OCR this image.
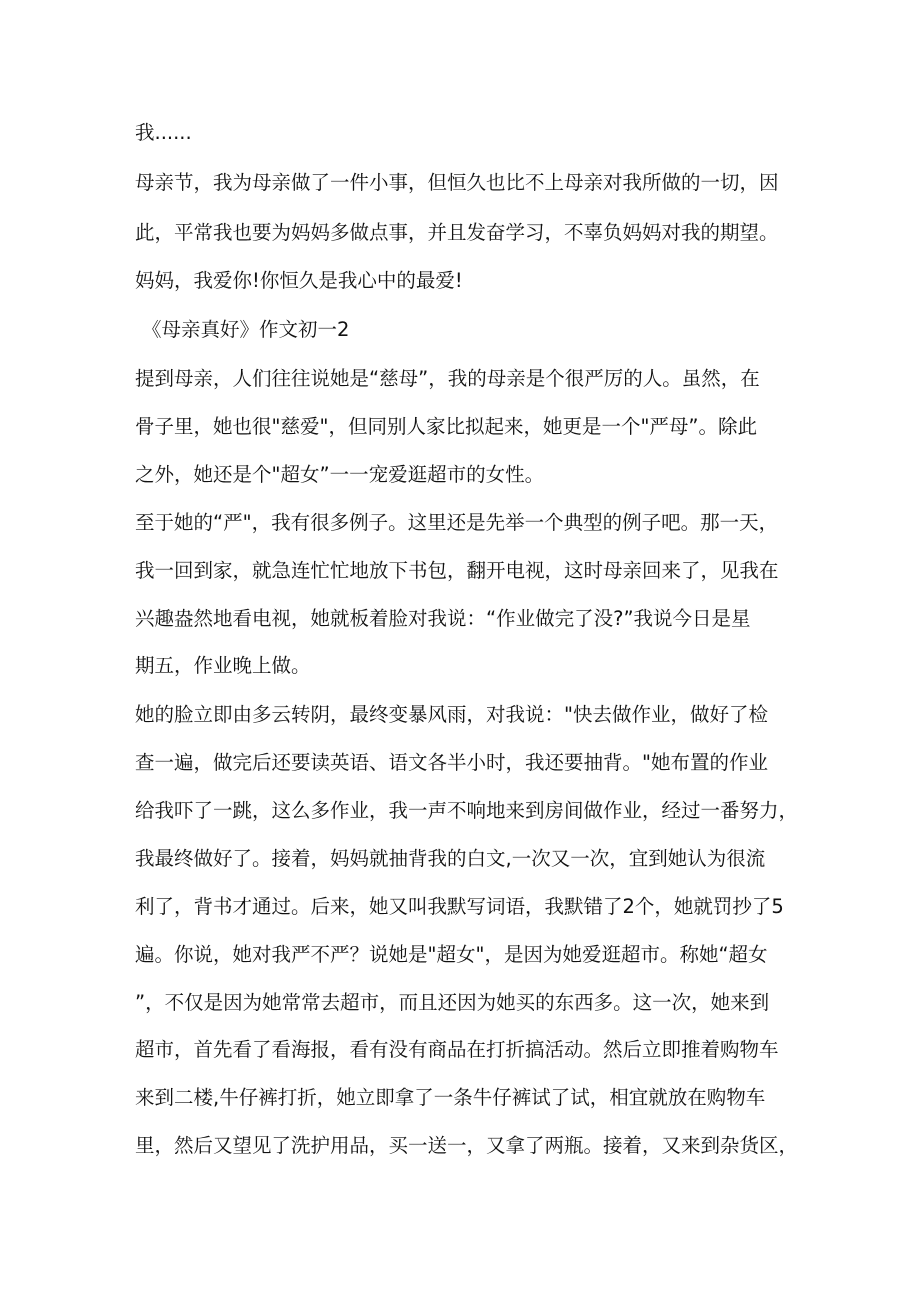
我......
母亲节，我为母亲做了一件小事，但恒久也比不上母亲对我所做的一切，因
此，平常我也要为妈妈多做点事，并且发奋学习，不辜负妈妈对我的期望。
妈妈，我爱你!你恒久是我心中的最爱!
《母亲真好》作文初一2
提到母亲，人们往往说她是“慈母”，我的母亲是个很严厉的人。虽然，在
骨子里，她也很"慈爱"，但同别人家比拟起来，她更是一个"严母”。除此
之外，她还是个"超女”一一宠爱逛超市的女性。
至于她的“严"，我有很多例子。这里还是先举一个典型的例子吧。那一天，
我一回到家，就急连忙忙地放下书包，翻开电视，这时母亲回来了，见我在
兴趣盎然地看电视，她就板着脸对我说：“作业做完了没?”我说今日是星
期五，作业晚上做。
她的脸立即由多云转阴，最终变暴风雨，对我说："快去做作业，做好了检
查一遍，做完后还要读英语、语文各半小时，我还要抽背。"她布置的作业
给我吓了一跳，这么多作业，我一声不响地来到房间做作业，经过一番努力，
我最终做好了。接着，妈妈就抽背我的白文,一次又一次，宜到她认为很流
利了，背书才通过。后来，她又叫我默写词语，我默错了2个，她就罚抄了5
遍。你说，她对我严不严？说她是"超女"，是因为她爱逛超市。称她“超女
”，不仅是因为她常常去超市，而且还因为她买的东西多。这一次，她来到
超市，首先看了看海报，看有没有商品在打折搞活动。然后立即推着购物车
来到二楼,牛仔裤打折，她立即拿了一条牛仔裤试了试，相宜就放在购物车
里，然后又望见了洗护用品，买一送一，又拿了两瓶。接着，又来到杂货区，
